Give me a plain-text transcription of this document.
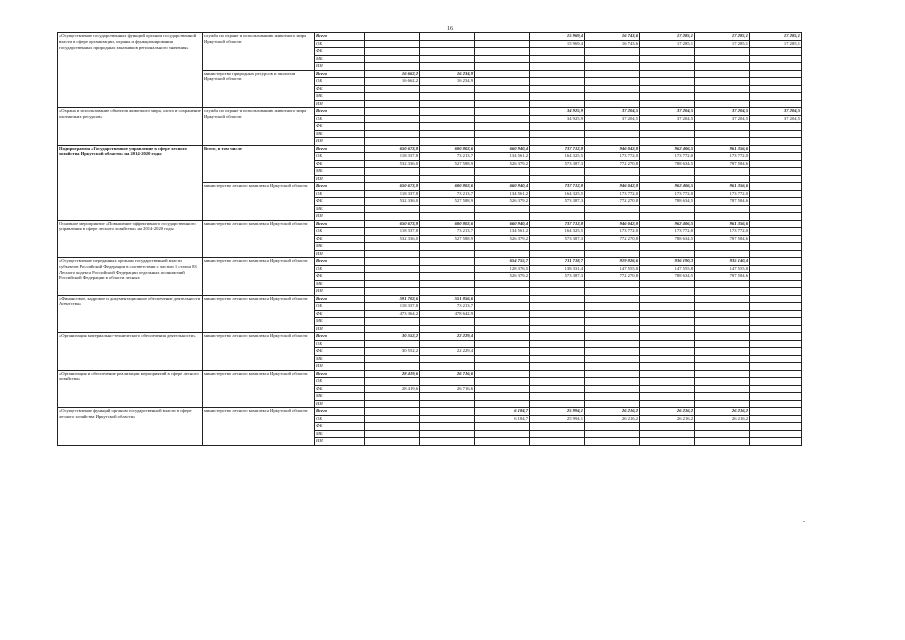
16
«Осуществление государственных функций органом государственной власти в сфере организации, охраны и функционирования государственных природных заказников регионального значения»	служба по охране и использованию животного мира Иркутской области	Всего				15 969,4	16 743,6	17 285,1	17 285,1	17 285,1
		ОБ				15 969,4	16 743,6	17 285,1	17 285,1	17 285,1
		ФБ								
		МБ								
		ИИ								
	министерство природных ресурсов и экологии Иркутской области	Всего	16 662,2	16 234,9						
		ОБ	16 662,2	16 234,9						
		ФБ								
		МБ								
		ИИ								
«Охрана и использование объектов животного мира, охота и сохранение охотничьих ресурсов»	служба по охране и использованию животного мира Иркутской области	Всего				34 925,9	37 204,5	37 204,5	37 204,5	37 204,5
		ОБ				34 925,9	37 204,5	37 204,5	37 204,5	37 204,5
		ФБ								
		МБ								
		ИИ								
Подпрограмма «Государственное управление в сфере лесного хозяйства Иркутской области» на 2014-2020 годы	Всего, в том числе	Всего	650 673,8	600 802,6	660 940,4	737 712,8	946 042,8	962 406,5	961 356,6	
		ОБ	118 337,8	73 213,7	134 561,2	164 325,5	173 772,0	173 772,0	173 772,0	
		ФБ	532 336,0	527 588,9	526 379,2	573 387,3	772 270,8	788 634,5	787 584,6	
		МБ								
		ИИ								
	министерство лесного комплекса Иркутской области	Всего	650 673,8	600 802,6	660 940,4	737 712,8	946 042,8	962 406,5	961 356,6	
		ОБ	118 337,8	73 213,7	134 561,2	164 325,5	173 772,0	173 772,0	173 772,0	
		ФБ	532 336,0	527 588,9	526 379,2	573 387,3	772 270,8	788 634,5	787 584,6	
		МБ								
		ИИ								
Основное мероприятие «Повышение эффективного государственного управления в сфере лесного хозяйства» на 2014-2020 годы	министерство лесного комплекса Иркутской области	Всего	650 673,8	600 802,6	660 940,4	737 712,8	946 042,8	962 406,5	961 356,6	
		ОБ	118 337,8	73 213,7	134 561,2	164 325,5	173 772,0	173 772,0	173 772,0	
		ФБ	532 336,0	527 588,9	526 379,2	573 387,3	772 270,8	788 634,5	787 584,6	
		МБ								
		ИИ								
«Осуществление переданных органам государственной власти субъектов Российской Федерации в соответствии с частью 1 статьи 83 Лесного кодекса Российской Федерации отдельных полномочий Российской Федерации в области лесных	министерство лесного комплекса Иркутской области	Всего			654 755,7	711 718,7	919 826,6	936 190,3	935 140,4	
		ОБ			128 376,5	138 331,4	147 555,8	147 555,8	147 555,8	
		ФБ			526 379,2	573 387,3	772 270,8	788 634,5	787 584,6	
		МБ								
		ИИ								
«Финансовое, кадровое и документационное обеспечение деятельности Агентства»	министерство лесного комплекса Иркутской области	Всего	591 702,6	551 856,6						
		ОБ	118 337,8	73 213,7						
		ФБ	473 364,2	478 642,9						
		МБ								
		ИИ								
«Организация материально-технического обеспечения деятельности»	министерство лесного комплекса Иркутской области	Всего	30 552,2	22 229,4						
		ОБ								
		ФБ	30 552,2	22 229,4						
		МБ								
		ИИ								
«Организация и обеспечение реализации мероприятий в сфере лесного хозяйства»	министерство лесного комплекса Иркутской области	Всего	28 419,6	26 716,6						
		ОБ								
		ФБ	28 419,6	26 716,6						
		МБ								
		ИИ								
«Осуществление функций органом государственной власти в сфере лесного хозяйства Иркутской области»	министерство лесного комплекса Иркутской области	Всего			6 184,7	25 994,1	26 216,2	26 216,2	26 216,2	
		ОБ			6 184,7	25 994,1	26 216,2	26 216,2	26 216,2	
		ФБ								
		МБ								
		ИИ								
-
